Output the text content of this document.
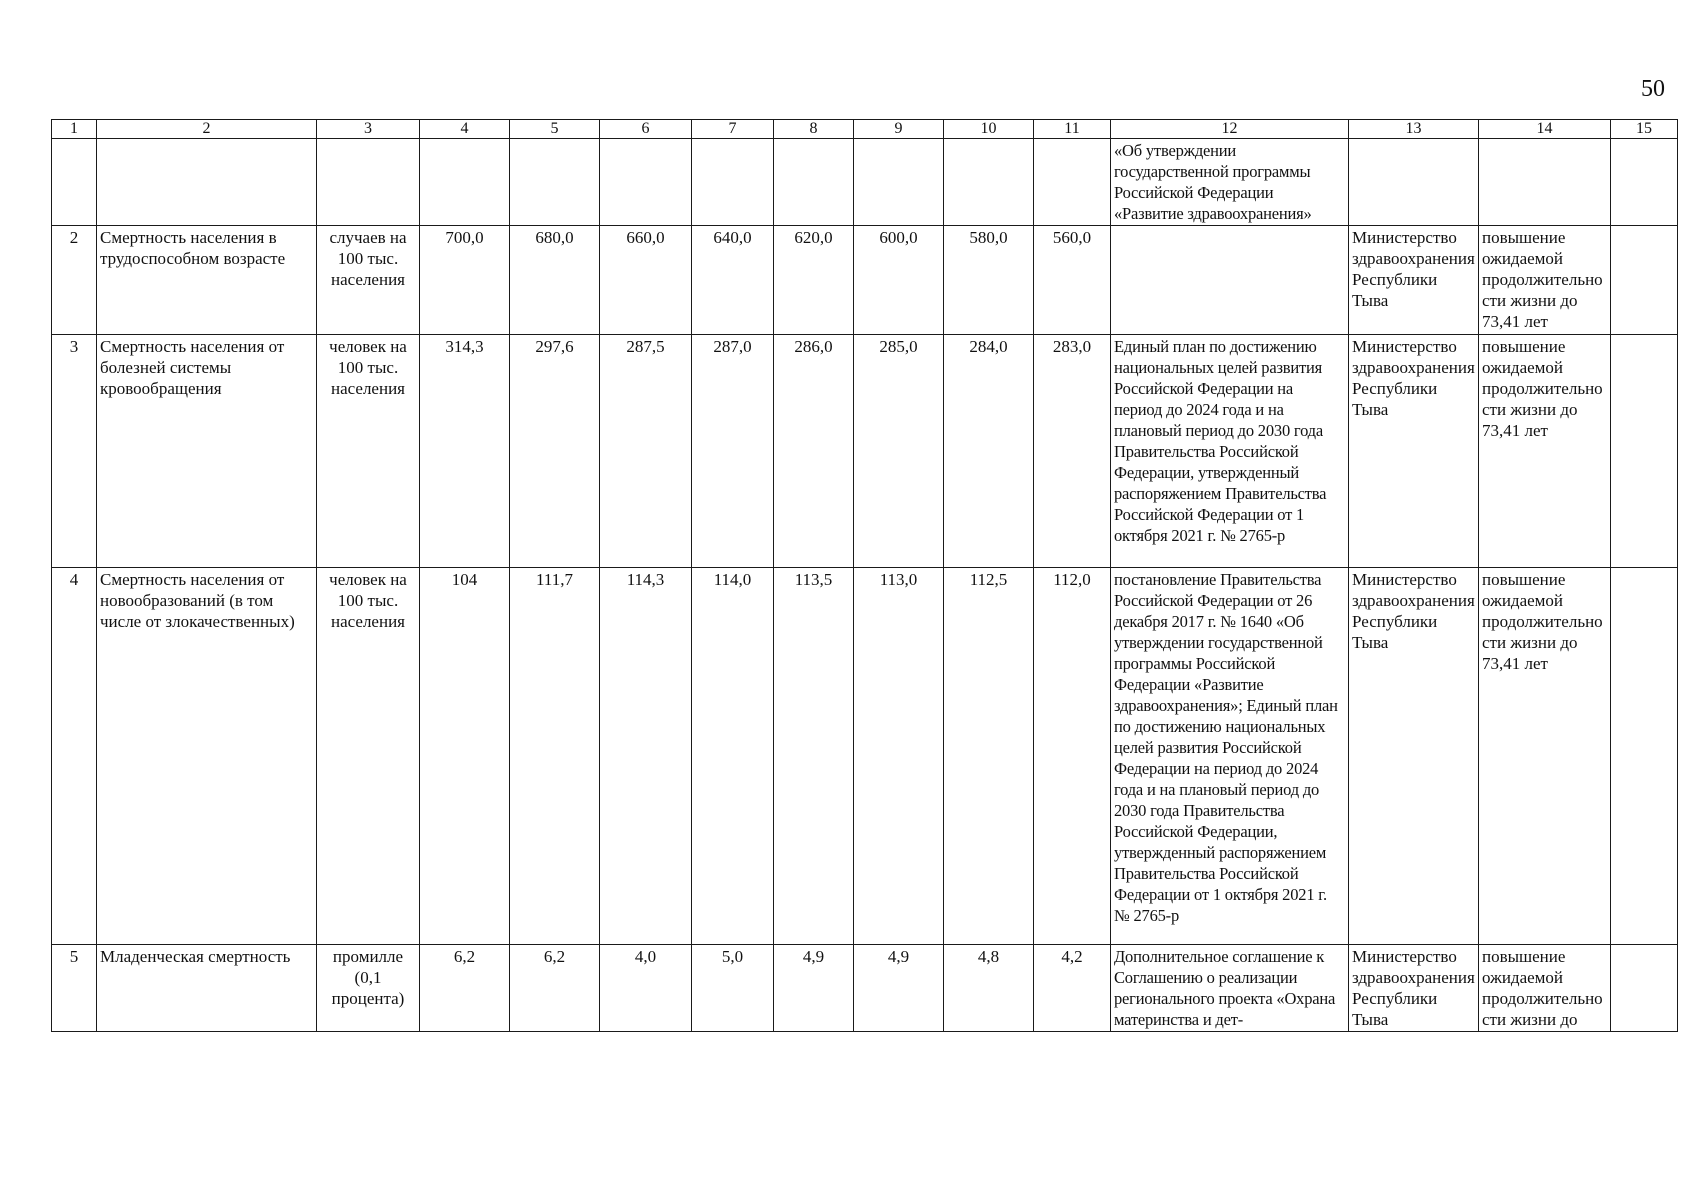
50
1	2	3	4	5	6	7	8	9	10	11	12	13	14	15
											«Об утверждении государственной программы Российской Федерации «Развитие здравоохранения»			
2	Смертность населения в трудоспособном возрасте	случаев на 100 тыс. населения	700,0	680,0	660,0	640,0	620,0	600,0	580,0	560,0		Министерство здравоохранения Республики Тыва	повышение ожидаемой продолжительности жизни до 73,41 лет	
3	Смертность населения от болезней системы кровообращения	человек на 100 тыс. населения	314,3	297,6	287,5	287,0	286,0	285,0	284,0	283,0	Единый план по достижению национальных целей развития Российской Федерации на период до 2024 года и на плановый период до 2030 года Правительства Российской Федерации, утвержденный распоряжением Правительства Российской Федерации от 1 октября 2021 г. № 2765-р	Министерство здравоохранения Республики Тыва	повышение ожидаемой продолжительности жизни до 73,41 лет	
4	Смертность населения от новообразований (в том числе от злокачественных)	человек на 100 тыс. населения	104	111,7	114,3	114,0	113,5	113,0	112,5	112,0	постановление Правительства Российской Федерации от 26 декабря 2017 г. № 1640 «Об утверждении государственной программы Российской Федерации «Развитие здравоохранения»; Единый план по достижению национальных целей развития Российской Федерации на период до 2024 года и на плановый период до 2030 года Правительства Российской Федерации, утвержденный распоряжением Правительства Российской Федерации от 1 октября 2021 г. № 2765-р	Министерство здравоохранения Республики Тыва	повышение ожидаемой продолжительности жизни до 73,41 лет	
5	Младенческая смертность	промилле (0,1 процента)	6,2	6,2	4,0	5,0	4,9	4,9	4,8	4,2	Дополнительное соглашение к Соглашению о реализации регионального проекта «Охрана материнства и дет-	Министерство здравоохранения Республики Тыва	повышение ожидаемой продолжительности жизни до	
